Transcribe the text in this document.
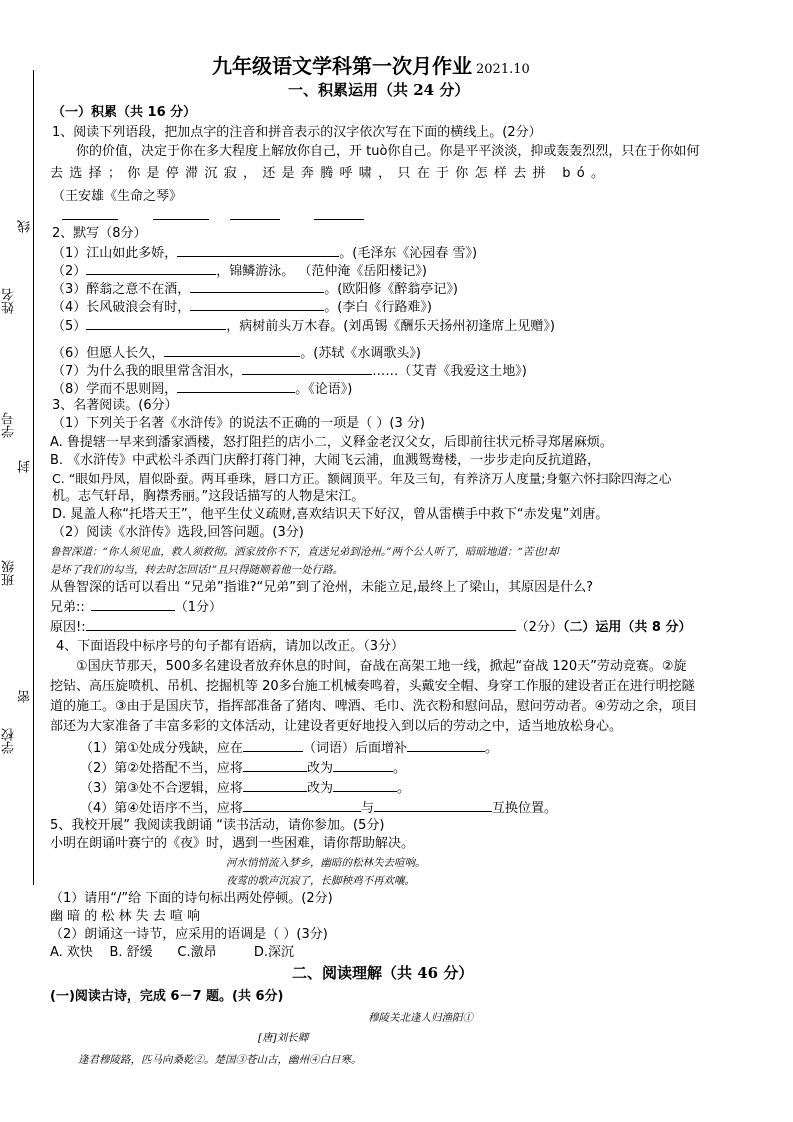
线
姓名
学号
封
班级
密
学校
九年级语文学科第一次月作业 2021.10
一、积累运用（共 24 分）
（一）积累（共 16 分）
1、阅读下列语段，把加点字的注音和拼音表示的汉字依次写在下面的横线上。(2分）
你的价值，决定于你在多大程度上解放你自己，开 tuò你自己。你是平平淡淡，抑或轰轰烈烈，只在于你如何
去选择；你是停滞沉寂，还是奔腾呼啸，只在于你怎样去拼 bó。
（王安雄《生命之琴》
2、默写（8分）
（1）江山如此多娇，	。(毛泽东《沁园春 雪》)
（2）	，锦鳞游泳。 （范仲淹《岳阳楼记》)
（3）醉翁之意不在酒，	。(欧阳修《醉翁亭记》)
（4）长风破浪会有时，	。(李白《行路难》)
（5）	，病树前头万木春。(刘禹锡《酬乐天扬州初逢席上见赠》)
（6）但愿人长久，	。(苏轼《水调歌头》)
（7）为什么我的眼里常含泪水，	……（艾青《我爱这土地》)
（8）学而不思则罔，	。《论语》)
3、名著阅读。(6分）
（1）下列关于名著《水浒传》的说法不正确的一项是（ ）(3 分)
A. 鲁提辖一早来到潘家酒楼，怒打阻拦的店小二，义释金老汉父女，后即前往状元桥寻郑屠麻烦。
B. 《水浒传》中武松斗杀西门庆醉打蒋门神，大闹飞云浦，血溅鸳鸯楼，一步步走向反抗道路，
C. “眼如丹凤，眉似卧蚕。两耳垂珠，唇口方正。额阔顶平。年及三旬，有养济万人度量;身躯六怀扫除四海之心
机。志气轩昂，胸襟秀丽。”这段话描写的人物是宋江。
D. 晁盖人称“托塔天王”，他平生仗义疏财,喜欢结识天下好汉，曾从雷横手中救下“赤发鬼”刘唐。
（2）阅读《水浒传》选段,回答问题。(3分)
鲁智深道：“你人须见血，救人须救彻。洒家放你不下，直送兄弟到沧州。”两个公人听了，暗暗地道：“苦也!却
是坏了我们的勾当，转去时怎回话!”且只得随顺着他一处行路。
从鲁智深的话可以看出 “兄弟”指谁?“兄弟”到了沧州，未能立足,最终上了梁山，其原因是什么?
兄弟::	（1分）
原因!:	（2分）（二）运用（共 8 分）
4、下面语段中标序号的句子都有语病，请加以改正。（3分）
①国庆节那天，500多名建设者放弃休息的时间，奋战在高架工地一线，掀起“奋战 120天”劳动竞赛。②旋
挖钻、高压旋喷机、吊机、挖掘机等 20多台施工机械奏鸣着，头戴安全帽、身穿工作服的建设者正在进行明挖隧
道的施工。③由于是国庆节，指挥部准备了猪肉、啤酒、毛巾、洗衣粉和慰问品，慰问劳动者。④劳动之余，项目
部还为大家准备了丰富多彩的文体活动，让建设者更好地投入到以后的劳动之中，适当地放松身心。
（1）第①处成分残缺，应在	（词语）后面增补	。
（2）第②处搭配不当，应将	改为	。
（3）第③处不合逻辑，应将	改为	。
（4）第④处语序不当，应将	与	互换位置。
5、我校开展” 我阅读我朗诵 “读书活动，请你参加。(5分)
小明在朗诵叶赛宁的《夜》时，遇到一些困难，请你帮助解决。
河水悄悄流入梦乡，幽暗的松林失去喧响。
夜莺的歌声沉寂了，长脚秧鸡不再欢嚷。
（1）请用“/”给 下面的诗句标出两处停顿。(2分)
幽 暗 的 松 林 失 去 喧 响
（2）朗诵这一诗节，应采用的语调是（ ）(3分)
A. 欢快    B. 舒缓      C.激昂         D.深沉
二、阅读理解（共 46 分）
(一)阅读古诗，完成 6－7 题。(共 6分)
穆陵关北逢人归渔阳①
[唐]刘长卿
逢君穆陵路，匹马向桑乾②。楚国③苍山古，幽州④白日寒。
